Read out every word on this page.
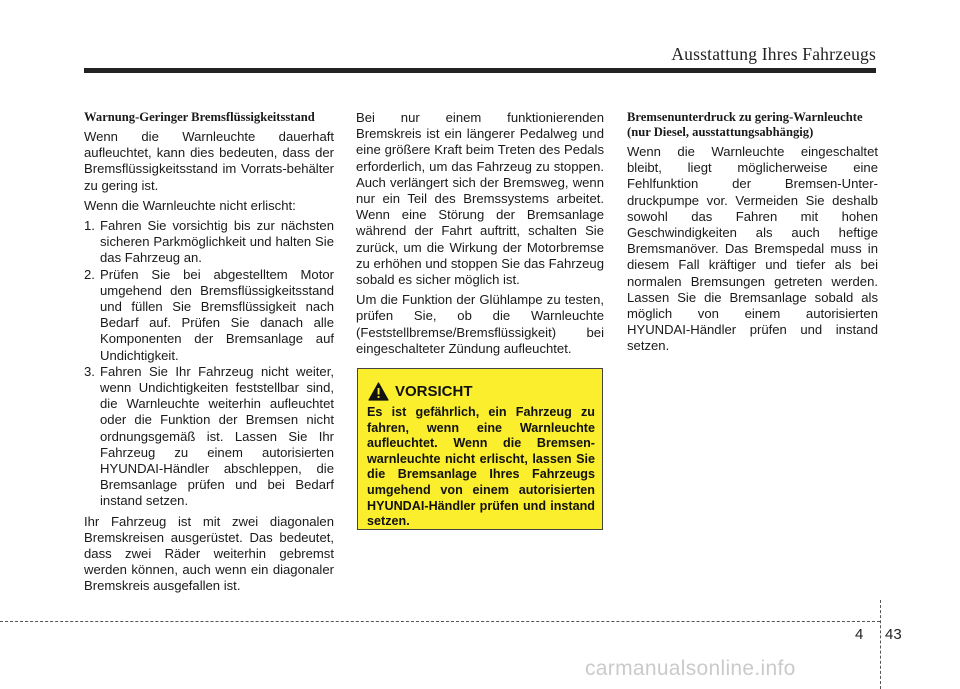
Ausstattung Ihres Fahrzeugs
Warnung-Geringer Bremsflüssigkeitsstand

Wenn die Warnleuchte dauerhaft aufleuchtet, kann dies bedeuten, dass der Bremsflüssigkeitsstand im Vorrats-behälter zu gering ist.

Wenn die Warnleuchte nicht erlischt:

1. Fahren Sie vorsichtig bis zur nächsten sicheren Parkmöglichkeit und halten Sie das Fahrzeug an.
2. Prüfen Sie bei abgestelltem Motor umgehend den Bremsflüssigkeitsstand und füllen Sie Bremsflüssigkeit nach Bedarf auf. Prüfen Sie danach alle Komponenten der Bremsanlage auf Undichtigkeit.
3. Fahren Sie Ihr Fahrzeug nicht weiter, wenn Undichtigkeiten feststellbar sind, die Warnleuchte weiterhin aufleuchtet oder die Funktion der Bremsen nicht ordnungsgemäß ist. Lassen Sie Ihr Fahrzeug zu einem autorisierten HYUNDAI-Händler abschleppen, die Bremsanlage prüfen und bei Bedarf instand setzen.

Ihr Fahrzeug ist mit zwei diagonalen Bremskreisen ausgerüstet. Das bedeutet, dass zwei Räder weiterhin gebremst werden können, auch wenn ein diagonaler Bremskreis ausgefallen ist.

Bei nur einem funktionierenden Bremskreis ist ein längerer Pedalweg und eine größere Kraft beim Treten des Pedals erforderlich, um das Fahrzeug zu stoppen. Auch verlängert sich der Bremsweg, wenn nur ein Teil des Bremssystems arbeitet. Wenn eine Störung der Bremsanlage während der Fahrt auftritt, schalten Sie zurück, um die Wirkung der Motorbremse zu erhöhen und stoppen Sie das Fahrzeug sobald es sicher möglich ist.

Um die Funktion der Glühlampe zu testen, prüfen Sie, ob die Warnleuchte (Feststellbremse/Bremsflüssigkeit) bei eingeschalteter Zündung aufleuchtet.

VORSICHT
Es ist gefährlich, ein Fahrzeug zu fahren, wenn eine Warnleuchte aufleuchtet. Wenn die Bremsen-warnleuchte nicht erlischt, lassen Sie die Bremsanlage Ihres Fahrzeugs umgehend von einem autorisierten HYUNDAI-Händler prüfen und instand setzen.
Bremsenunterdruck zu gering-Warnleuchte (nur Diesel, ausstattungsabhängig)

Wenn die Warnleuchte eingeschaltet bleibt, liegt möglicherweise eine Fehlfunktion der Bremsen-Unter-druckpumpe vor. Vermeiden Sie deshalb sowohl das Fahren mit hohen Geschwindigkeiten als auch heftige Bremsmanöver. Das Bremspedal muss in diesem Fall kräftiger und tiefer als bei normalen Bremsungen getreten werden. Lassen Sie die Bremsanlage sobald als möglich von einem autorisierten HYUNDAI-Händler prüfen und instand setzen.

4 43
carmanualsonline.info
